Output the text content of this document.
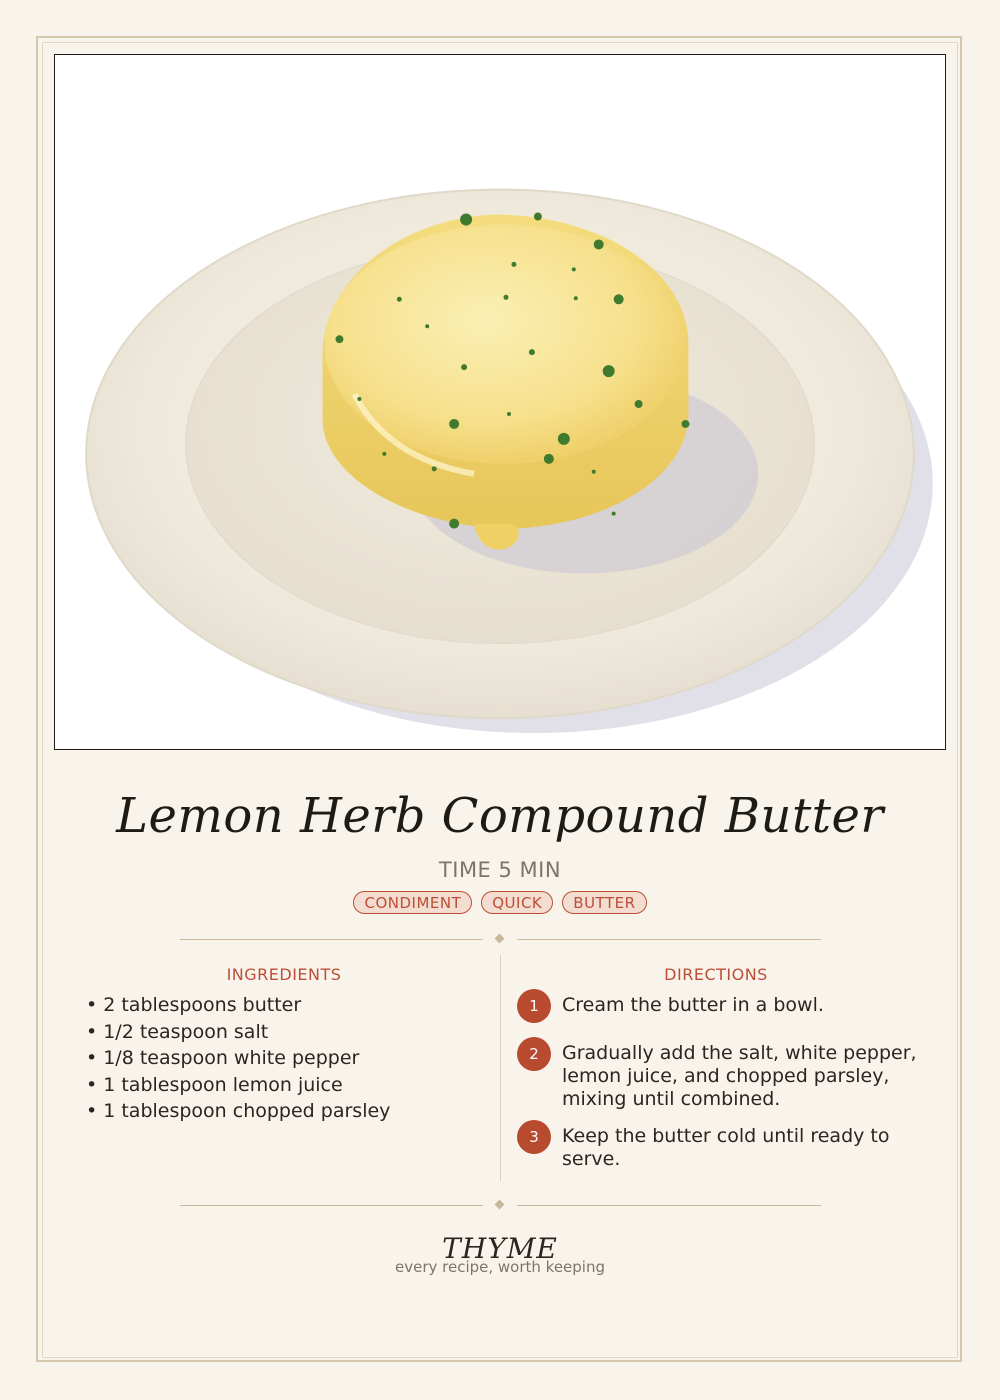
Lemon Herb Compound Butter
TIME 5 MIN
CONDIMENT	QUICK	BUTTER
INGREDIENTS
• 2 tablespoons butter
• 1/2 teaspoon salt
• 1/8 teaspoon white pepper
• 1 tablespoon lemon juice
• 1 tablespoon chopped parsley
DIRECTIONS
1	Cream the butter in a bowl.
2	Gradually add the salt, white pepper, lemon juice, and chopped parsley, mixing until combined.
3	Keep the butter cold until ready to serve.
THYME
every recipe, worth keeping
